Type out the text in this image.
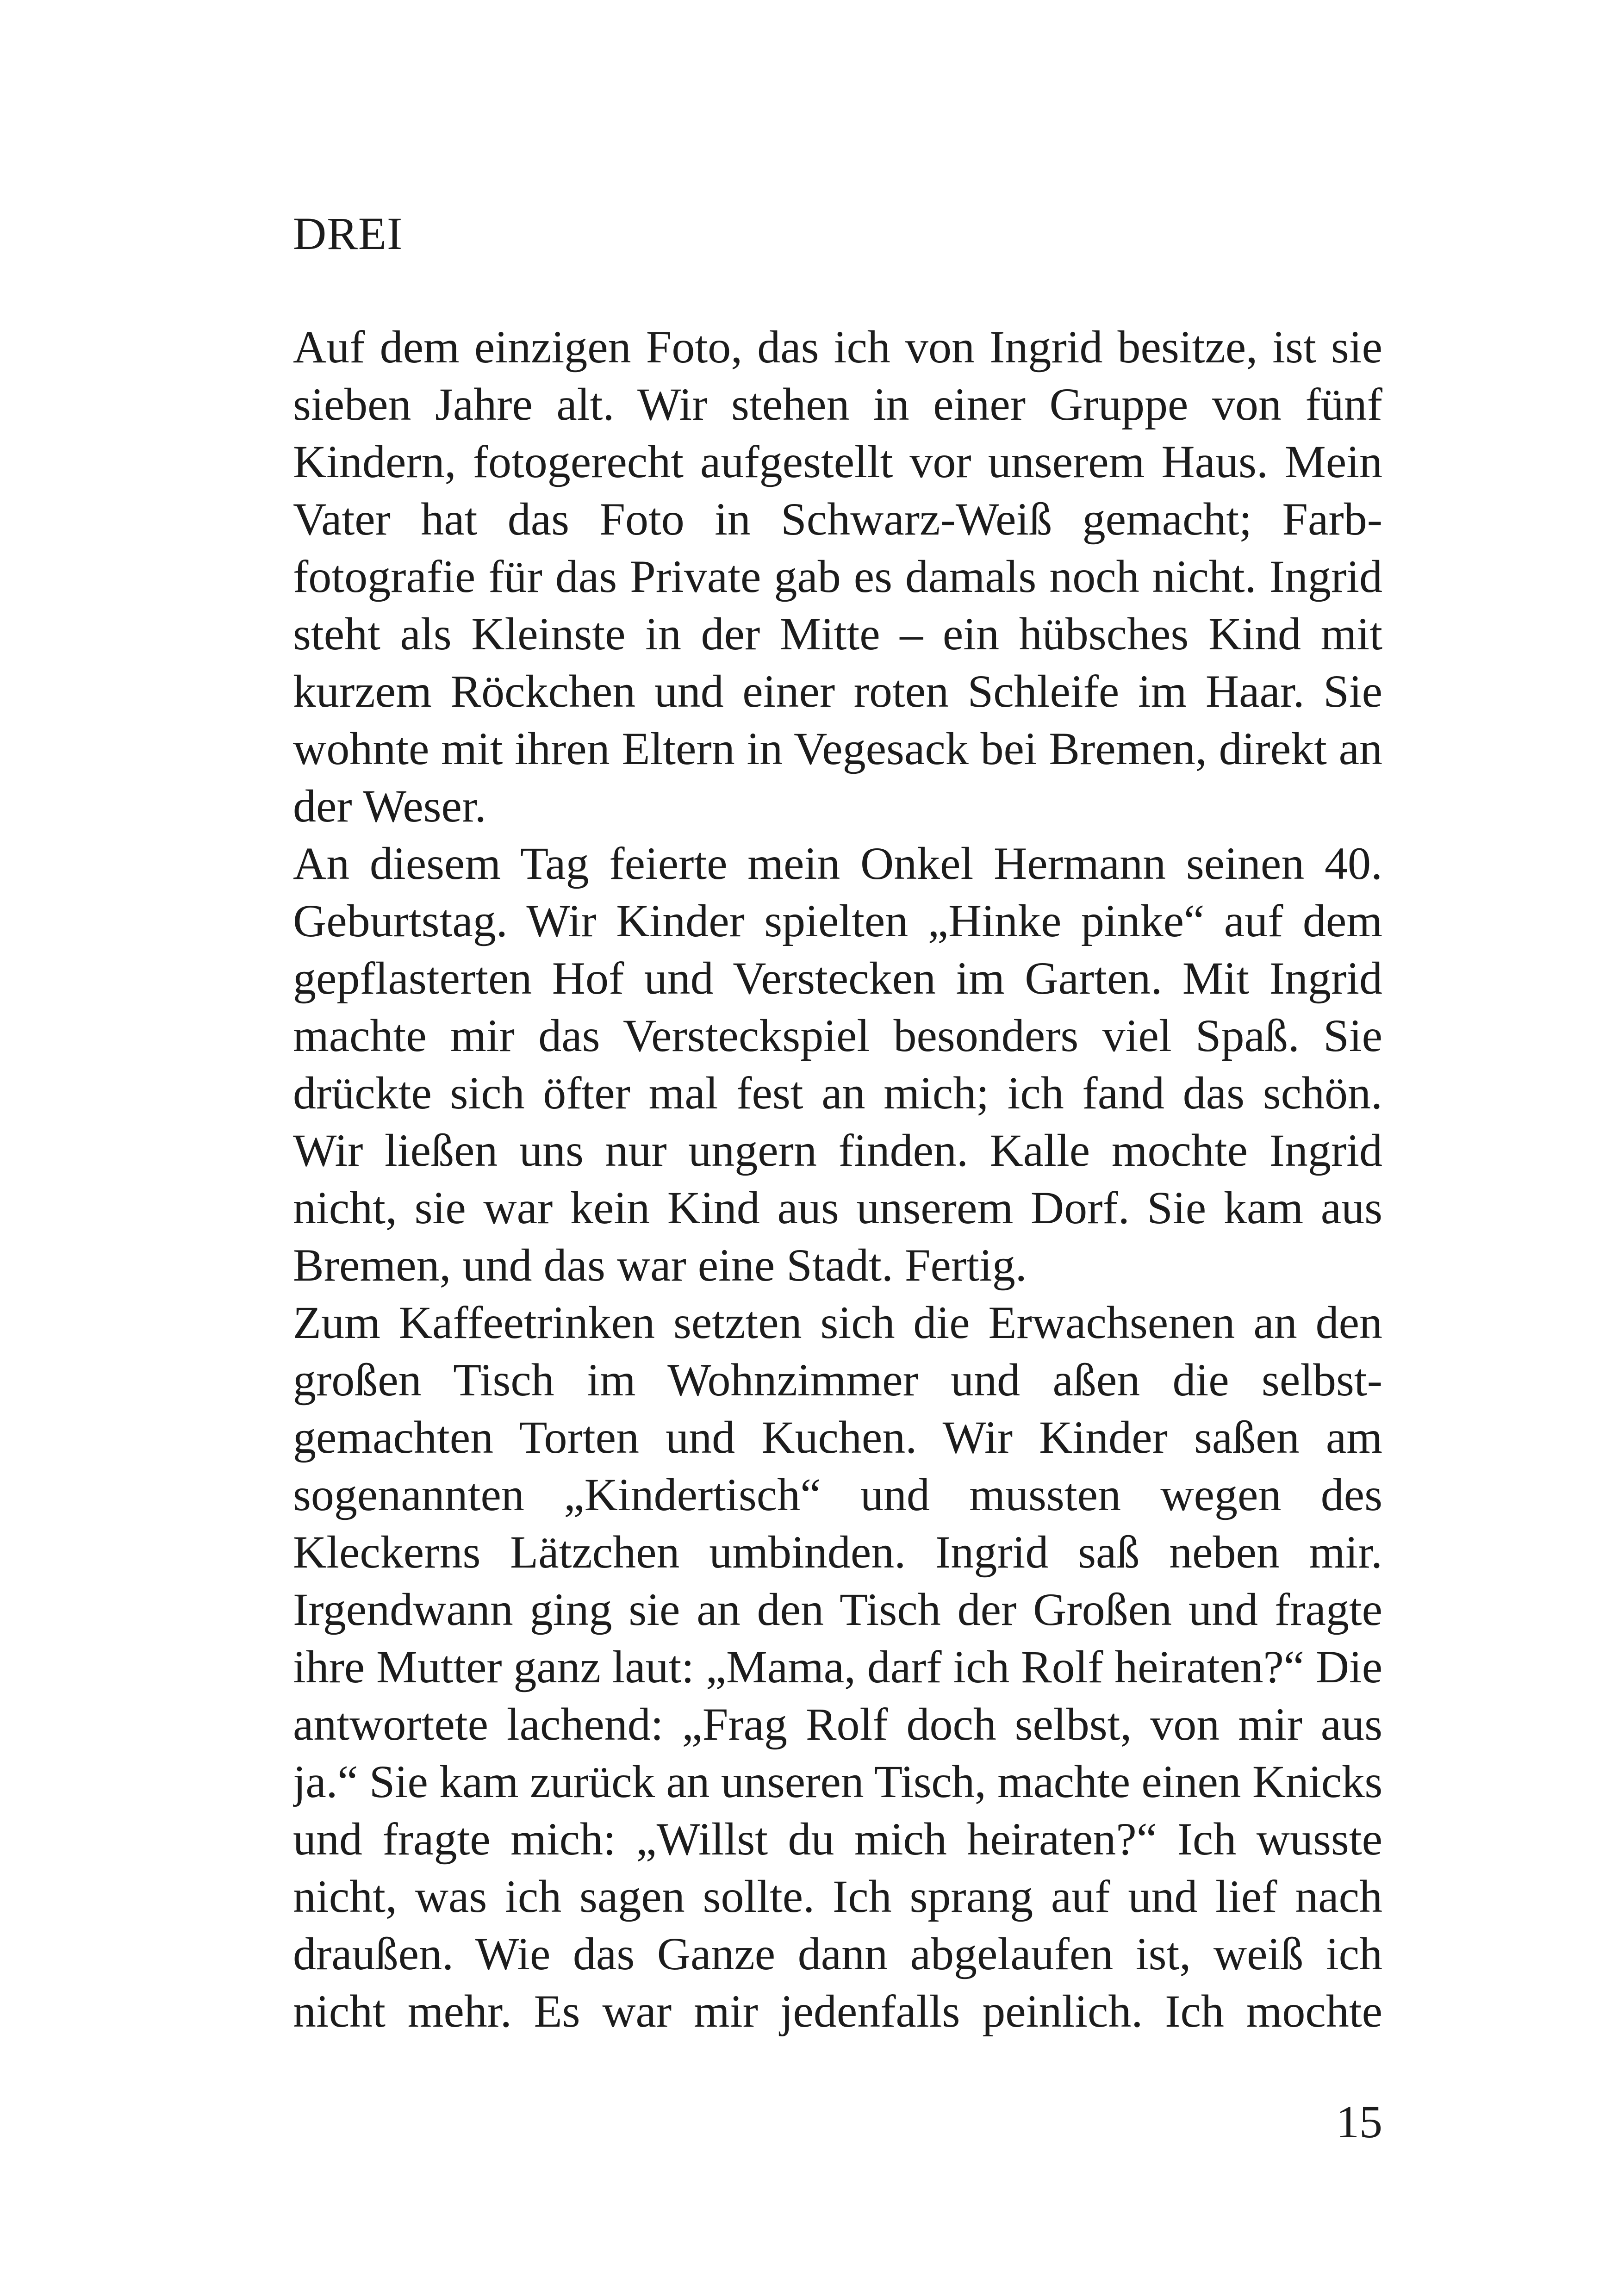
DREI
Auf dem einzigen Foto, das ich von Ingrid besitze, ist sie
sieben Jahre alt. Wir stehen in einer Gruppe von fünf
Kindern, fotogerecht aufgestellt vor unserem Haus. Mein
Vater hat das Foto in Schwarz-Weiß gemacht; Farb-
fotografie für das Private gab es damals noch nicht. Ingrid
steht als Kleinste in der Mitte – ein hübsches Kind mit
kurzem Röckchen und einer roten Schleife im Haar. Sie
wohnte mit ihren Eltern in Vegesack bei Bremen, direkt an
der Weser.
An diesem Tag feierte mein Onkel Hermann seinen 40.
Geburtstag. Wir Kinder spielten „Hinke pinke“ auf dem
gepflasterten Hof und Verstecken im Garten. Mit Ingrid
machte mir das Versteckspiel besonders viel Spaß. Sie
drückte sich öfter mal fest an mich; ich fand das schön.
Wir ließen uns nur ungern finden. Kalle mochte Ingrid
nicht, sie war kein Kind aus unserem Dorf. Sie kam aus
Bremen, und das war eine Stadt. Fertig.
Zum Kaffeetrinken setzten sich die Erwachsenen an den
großen Tisch im Wohnzimmer und aßen die selbst-
gemachten Torten und Kuchen. Wir Kinder saßen am
sogenannten „Kindertisch“ und mussten wegen des
Kleckerns Lätzchen umbinden. Ingrid saß neben mir.
Irgendwann ging sie an den Tisch der Großen und fragte
ihre Mutter ganz laut: „Mama, darf ich Rolf heiraten?“ Die
antwortete lachend: „Frag Rolf doch selbst, von mir aus
ja.“ Sie kam zurück an unseren Tisch, machte einen Knicks
und fragte mich: „Willst du mich heiraten?“ Ich wusste
nicht, was ich sagen sollte. Ich sprang auf und lief nach
draußen. Wie das Ganze dann abgelaufen ist, weiß ich
nicht mehr. Es war mir jedenfalls peinlich. Ich mochte
15
